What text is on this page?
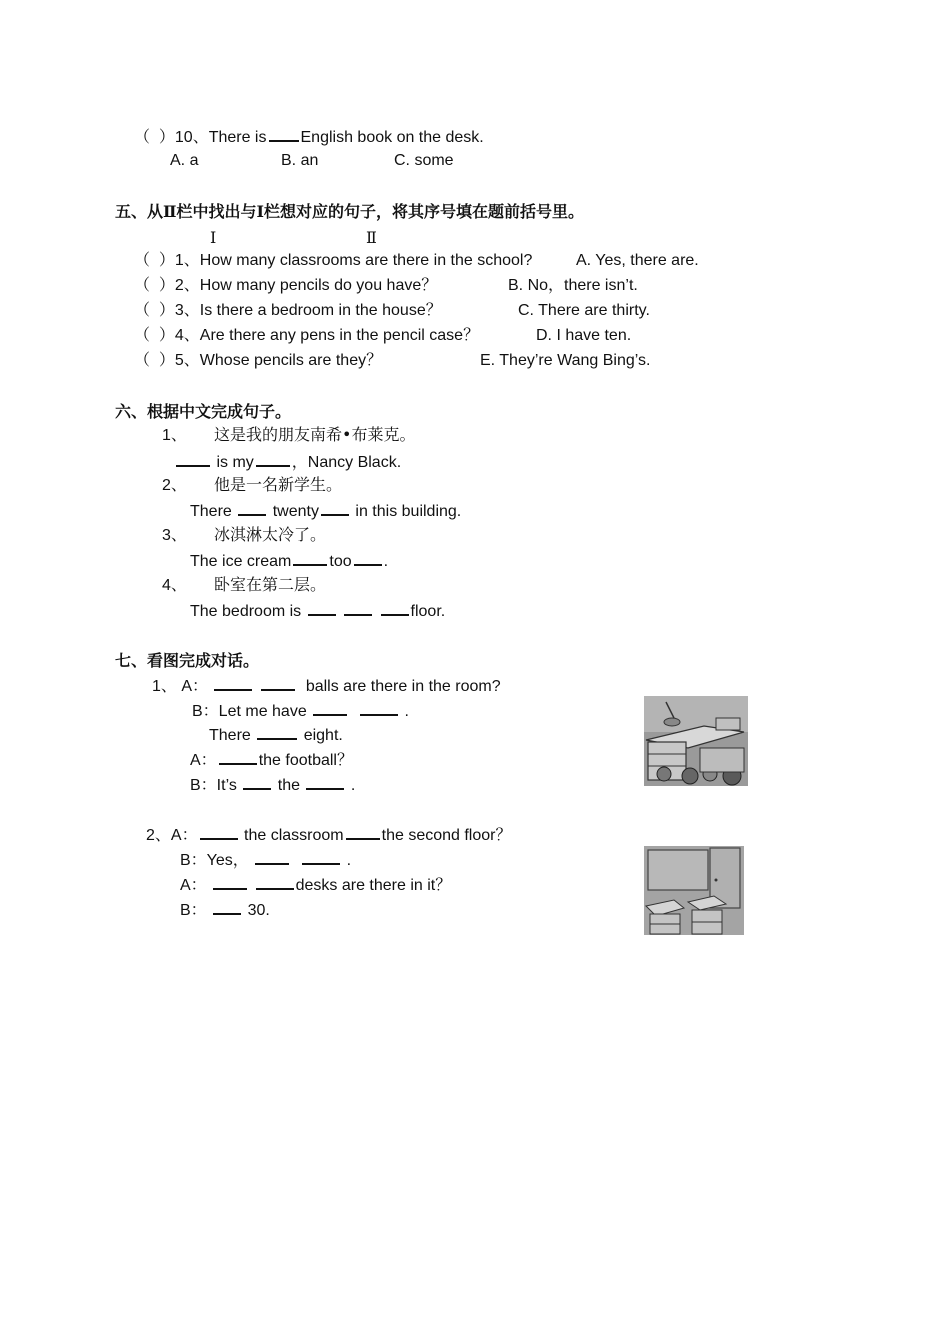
（  ）10、There is English book on the desk.
A. a	B. an	C. some
五、从Ⅱ栏中找出与Ⅰ栏想对应的句子，将其序号填在题前括号里。
Ⅰ	Ⅱ
（  ）1、How many classrooms are there in the school?	A. Yes, there are.
（  ）2、How many pencils do you have？	B. No，there isn’t.
（  ）3、Is there a bedroom in the house？	C. There are thirty.
（  ）4、Are there any pens in the pencil case？	D. I have ten.
（  ）5、Whose pencils are they？	E. They’re Wang Bing’s.
六、根据中文完成句子。
1、 这是我的朋友南希•布莱克。
is my ，Nancy Black.
2、 他是一名新学生。
There	twenty in this building.
3、 冰淇淋太冷了。
The ice cream too .
4、 卧室在第二层。
The bedroom is	floor.
七、看图完成对话。
1、 A：	balls are there in the room?
B：Let me have	.
There	eight.
A：	the football？
B：It’s	the	.
2、A：	the classroom the second floor？
B：Yes，	.
A：	desks are there in it？
B：	30.
